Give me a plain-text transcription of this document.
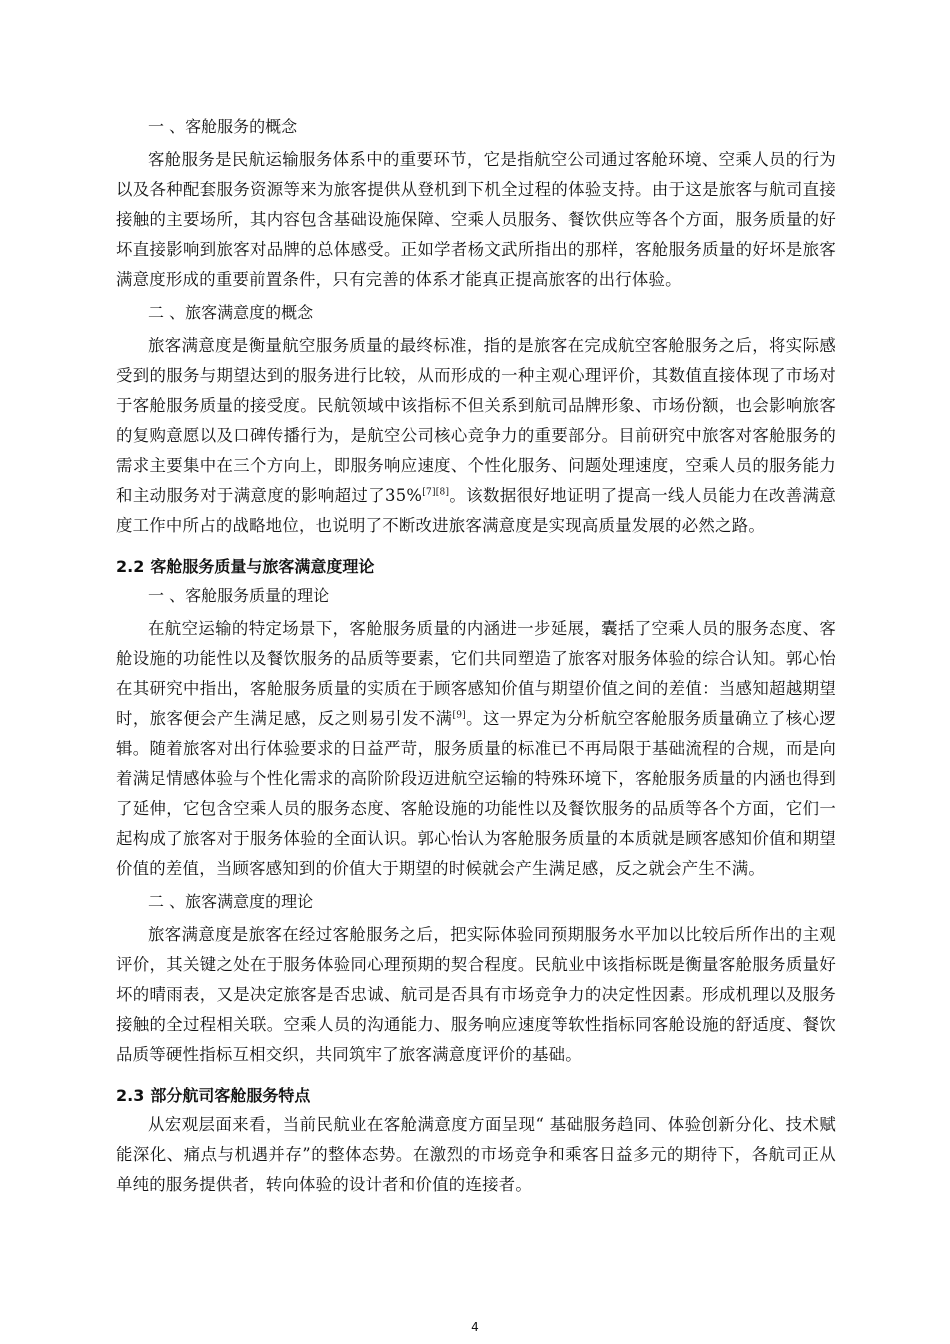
一 、客舱服务的概念

客舱服务是民航运输服务体系中的重要环节，它是指航空公司通过客舱环境、空乘人员的行为以及各种配套服务资源等来为旅客提供从登机到下机全过程的体验支持。由于这是旅客与航司直接接触的主要场所，其内容包含基础设施保障、空乘人员服务、餐饮供应等各个方面，服务质量的好坏直接影响到旅客对品牌的总体感受。正如学者杨文武所指出的那样，客舱服务质量的好坏是旅客满意度形成的重要前置条件，只有完善的体系才能真正提高旅客的出行体验。

二 、旅客满意度的概念

旅客满意度是衡量航空服务质量的最终标准，指的是旅客在完成航空客舱服务之后，将实际感受到的服务与期望达到的服务进行比较，从而形成的一种主观心理评价，其数值直接体现了市场对于客舱服务质量的接受度。民航领域中该指标不但关系到航司品牌形象、市场份额，也会影响旅客的复购意愿以及口碑传播行为，是航空公司核心竞争力的重要部分。目前研究中旅客对客舱服务的需求主要集中在三个方向上，即服务响应速度、个性化服务、问题处理速度，空乘人员的服务能力和主动服务对于满意度的影响超过了35%[7][8]。该数据很好地证明了提高一线人员能力在改善满意度工作中所占的战略地位，也说明了不断改进旅客满意度是实现高质量发展的必然之路。

2.2 客舱服务质量与旅客满意度理论

一 、客舱服务质量的理论

在航空运输的特定场景下，客舱服务质量的内涵进一步延展，囊括了空乘人员的服务态度、客舱设施的功能性以及餐饮服务的品质等要素，它们共同塑造了旅客对服务体验的综合认知。郭心怡在其研究中指出，客舱服务质量的实质在于顾客感知价值与期望价值之间的差值：当感知超越期望时，旅客便会产生满足感，反之则易引发不满[9]。这一界定为分析航空客舱服务质量确立了核心逻辑。随着旅客对出行体验要求的日益严苛，服务质量的标准已不再局限于基础流程的合规，而是向着满足情感体验与个性化需求的高阶阶段迈进航空运输的特殊环境下，客舱服务质量的内涵也得到了延伸，它包含空乘人员的服务态度、客舱设施的功能性以及餐饮服务的品质等各个方面，它们一起构成了旅客对于服务体验的全面认识。郭心怡认为客舱服务质量的本质就是顾客感知价值和期望价值的差值，当顾客感知到的价值大于期望的时候就会产生满足感，反之就会产生不满。

二 、旅客满意度的理论

旅客满意度是旅客在经过客舱服务之后，把实际体验同预期服务水平加以比较后所作出的主观评价，其关键之处在于服务体验同心理预期的契合程度。民航业中该指标既是衡量客舱服务质量好坏的晴雨表，又是决定旅客是否忠诚、航司是否具有市场竞争力的决定性因素。形成机理以及服务接触的全过程相关联。空乘人员的沟通能力、服务响应速度等软性指标同客舱设施的舒适度、餐饮品质等硬性指标互相交织，共同筑牢了旅客满意度评价的基础。

2.3 部分航司客舱服务特点

从宏观层面来看，当前民航业在客舱满意度方面呈现“ 基础服务趋同、体验创新分化、技术赋能深化、痛点与机遇并存”的整体态势。在激烈的市场竞争和乘客日益多元的期待下，各航司正从单纯的服务提供者，转向体验的设计者和价值的连接者。

4
